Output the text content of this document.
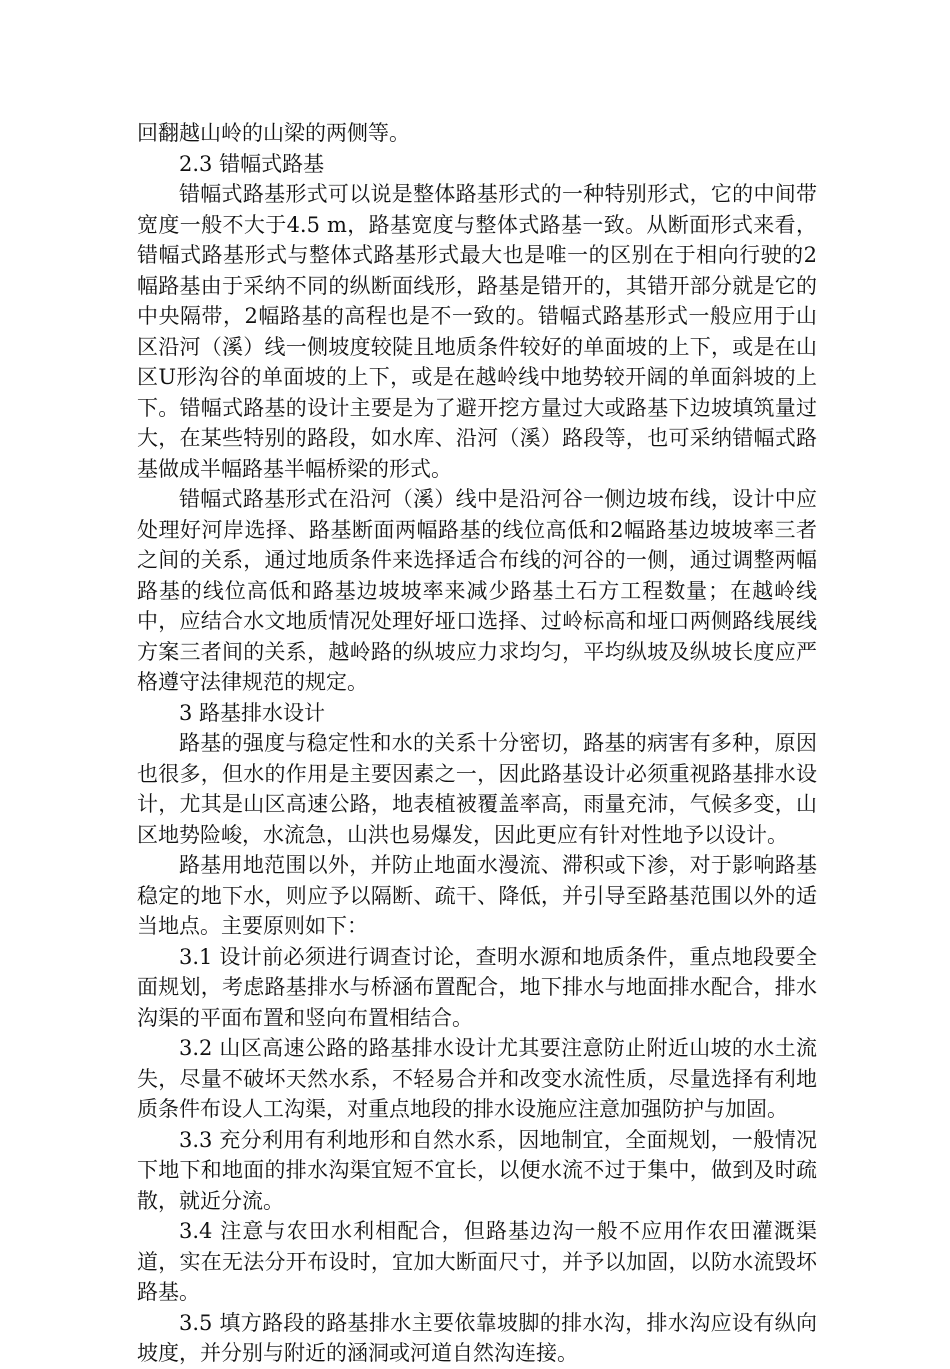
回翻越山岭的山梁的两侧等。

2.3 错幅式路基

错幅式路基形式可以说是整体路基形式的一种特别形式，它的中间带宽度一般不大于4.5 m，路基宽度与整体式路基一致。从断面形式来看，错幅式路基形式与整体式路基形式最大也是唯一的区别在于相向行驶的2幅路基由于采纳不同的纵断面线形，路基是错开的，其错开部分就是它的中央隔带，2幅路基的高程也是不一致的。错幅式路基形式一般应用于山区沿河（溪）线一侧坡度较陡且地质条件较好的单面坡的上下，或是在山区U形沟谷的单面坡的上下，或是在越岭线中地势较开阔的单面斜坡的上下。错幅式路基的设计主要是为了避开挖方量过大或路基下边坡填筑量过大，在某些特别的路段，如水库、沿河（溪）路段等，也可采纳错幅式路基做成半幅路基半幅桥梁的形式。

错幅式路基形式在沿河（溪）线中是沿河谷一侧边坡布线，设计中应处理好河岸选择、路基断面两幅路基的线位高低和2幅路基边坡坡率三者之间的关系，通过地质条件来选择适合布线的河谷的一侧，通过调整两幅路基的线位高低和路基边坡坡率来减少路基土石方工程数量；在越岭线中，应结合水文地质情况处理好垭口选择、过岭标高和垭口两侧路线展线方案三者间的关系，越岭路的纵坡应力求均匀，平均纵坡及纵坡长度应严格遵守法律规范的规定。

3 路基排水设计

路基的强度与稳定性和水的关系十分密切，路基的病害有多种，原因也很多，但水的作用是主要因素之一，因此路基设计必须重视路基排水设计，尤其是山区高速公路，地表植被覆盖率高，雨量充沛，气候多变，山区地势险峻，水流急，山洪也易爆发，因此更应有针对性地予以设计。

路基用地范围以外，并防止地面水漫流、滞积或下渗，对于影响路基稳定的地下水，则应予以隔断、疏干、降低，并引导至路基范围以外的适当地点。主要原则如下：

3.1 设计前必须进行调查讨论，查明水源和地质条件，重点地段要全面规划，考虑路基排水与桥涵布置配合，地下排水与地面排水配合，排水沟渠的平面布置和竖向布置相结合。

3.2 山区高速公路的路基排水设计尤其要注意防止附近山坡的水土流失，尽量不破坏天然水系，不轻易合并和改变水流性质，尽量选择有利地质条件布设人工沟渠，对重点地段的排水设施应注意加强防护与加固。

3.3 充分利用有利地形和自然水系，因地制宜，全面规划，一般情况下地下和地面的排水沟渠宜短不宜长，以便水流不过于集中，做到及时疏散，就近分流。

3.4 注意与农田水利相配合，但路基边沟一般不应用作农田灌溉渠道，实在无法分开布设时，宜加大断面尺寸，并予以加固，以防水流毁坏路基。

3.5 填方路段的路基排水主要依靠坡脚的排水沟，排水沟应设有纵向坡度，并分别与附近的涵洞或河道自然沟连接。
